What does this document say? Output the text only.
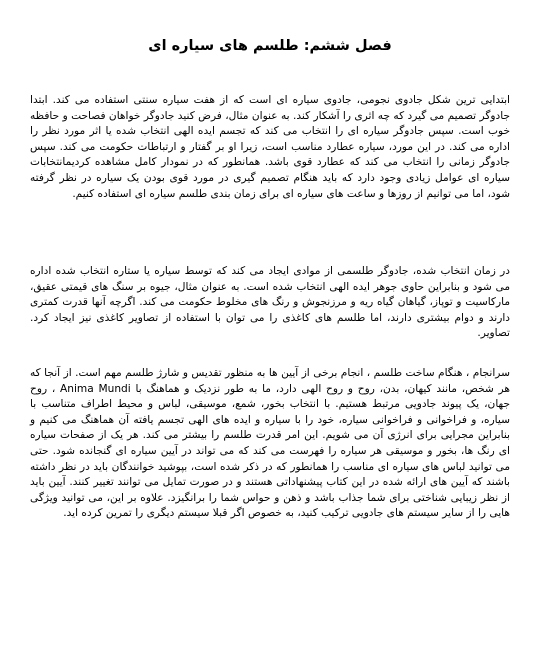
فصل ششم: طلسم های سیاره ای

ابتدایی ترین شکل جادوی نجومی، جادوی سیاره ای است که از هفت سیاره سنتی استفاده می کند. ابتدا جادوگر تصمیم می گیرد که چه اثری را آشکار کند. به عنوان مثال، فرض کنید جادوگر خواهان فصاحت و حافظه خوب است. سپس جادوگر سیاره ای را انتخاب می کند که تجسم ایده الهی انتخاب شده یا اثر مورد نظر را اداره می کند. در این مورد، سیاره عطارد مناسب است، زیرا او بر گفتار و ارتباطات حکومت می کند. سپس جادوگر زمانی را انتخاب می کند که عطارد قوی باشد. همانطور که در نمودار کامل مشاهده کردیمانتخابات سیاره ای عوامل زیادی وجود دارد که باید هنگام تصمیم گیری در مورد قوی بودن یک سیاره در نظر گرفته شود، اما می توانیم از روزها و ساعت های سیاره ای برای زمان بندی طلسم سیاره ای استفاده کنیم.

در زمان انتخاب شده، جادوگر طلسمی از موادی ایجاد می کند که توسط سیاره یا ستاره انتخاب شده اداره می شود و بنابراین حاوی جوهر ایده الهی انتخاب شده است. به عنوان مثال، جیوه بر سنگ های قیمتی عقیق، مارکاسیت و توپاز، گیاهان گیاه ریه و مرزنجوش و رنگ های مخلوط حکومت می کند. اگرچه آنها قدرت کمتری دارند و دوام بیشتری دارند، اما طلسم های کاغذی را می توان با استفاده از تصاویر کاغذی نیز ایجاد کرد. تصاویر.

سرانجام ، هنگام ساخت طلسم ، انجام برخی از آیین ها به منظور تقدیس و شارژ طلسم مهم است. از آنجا که هر شخص، مانند کیهان، بدن، روح و روح الهی دارد، ما به طور نزدیک و هماهنگ با Anima Mundi ، روح جهان، یک پیوند جادویی مرتبط هستیم. با انتخاب بخور، شمع، موسیقی، لباس و محیط اطراف متناسب با سیاره، و فراخوانی و فراخوانی سیاره، خود را با سیاره و ایده های الهی تجسم یافته آن هماهنگ می کنیم و بنابراین مجرایی برای انرژی آن می شویم. این امر قدرت طلسم را بیشتر می کند. هر یک از صفحات سیاره ای رنگ ها، بخور و موسیقی هر سیاره را فهرست می کند که می تواند در آیین سیاره ای گنجانده شود. حتی می توانید لباس های سیاره ای مناسب را همانطور که در ذکر شده است، بپوشید خوانندگان باید در نظر داشته باشند که آیین های ارائه شده در این کتاب پیشنهاداتی هستند و در صورت تمایل می توانند تغییر کنند. آیین باید از نظر زیبایی شناختی برای شما جذاب باشد و ذهن و حواس شما را برانگیزد. علاوه بر این، می توانید ویژگی هایی را از سایر سیستم های جادویی ترکیب کنید، به خصوص اگر قبلا سیستم دیگری را تمرین کرده اید.
